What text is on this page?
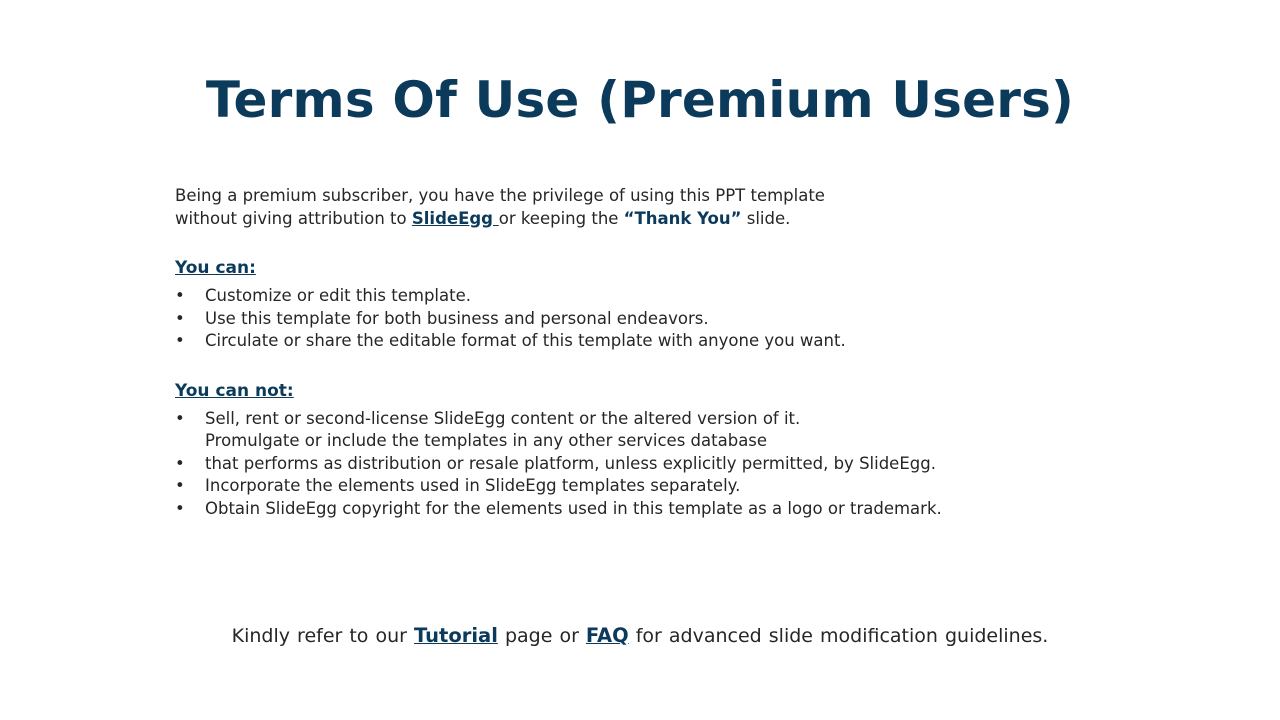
Terms Of Use (Premium Users)

Being a premium subscriber, you have the privilege of using this PPT template

without giving attribution to SlideEgg or keeping the “Thank You” slide.

You can:
• Customize or edit this template.
• Use this template for both business and personal endeavors.
• Circulate or share the editable format of this template with anyone you want.
You can not:
• Sell, rent or second-license SlideEgg content or the altered version of it.
Promulgate or include the templates in any other services database
• that performs as distribution or resale platform, unless explicitly permitted, by SlideEgg.
• Incorporate the elements used in SlideEgg templates separately.
• Obtain SlideEgg copyright for the elements used in this template as a logo or trademark.
Kindly refer to our Tutorial page or FAQ for advanced slide modification guidelines.
